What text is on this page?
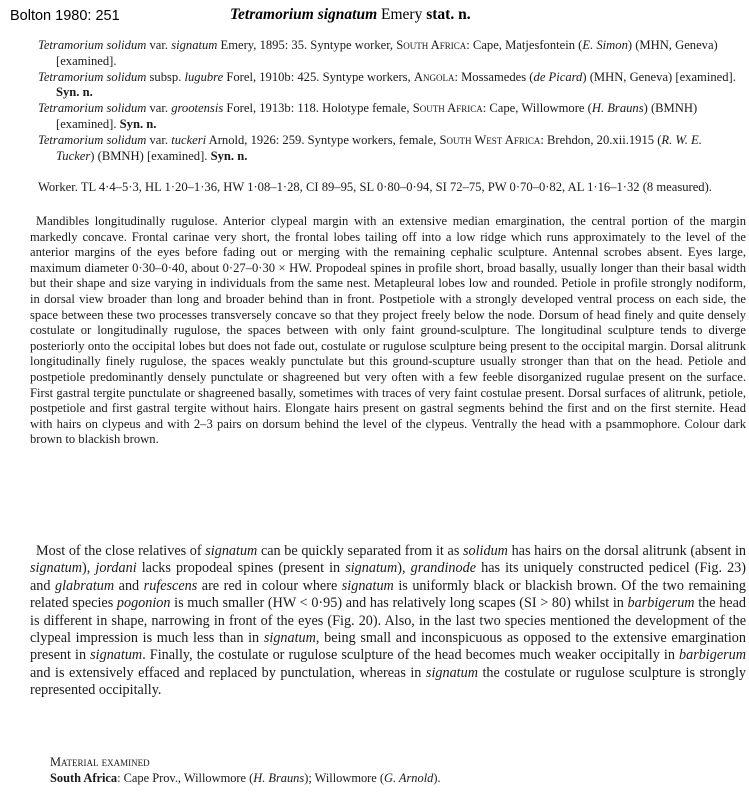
Bolton 1980: 251	Tetramorium signatum Emery stat. n.

Tetramorium solidum var. signatum Emery, 1895: 35. Syntype worker, South Africa: Cape, Matjesfontein (E. Simon) (MHN, Geneva) [examined].

Tetramorium solidum subsp. lugubre Forel, 1910b: 425. Syntype workers, Angola: Mossamedes (de Picard) (MHN, Geneva) [examined]. Syn. n.

Tetramorium solidum var. grootensis Forel, 1913b: 118. Holotype female, South Africa: Cape, Willowmore (H. Brauns) (BMNH) [examined]. Syn. n.

Tetramorium solidum var. tuckeri Arnold, 1926: 259. Syntype workers, female, South West Africa: Brehdon, 20.xii.1915 (R. W. E. Tucker) (BMNH) [examined]. Syn. n.

Worker. TL 4·4–5·3, HL 1·20–1·36, HW 1·08–1·28, CI 89–95, SL 0·80–0·94, SI 72–75, PW 0·70–0·82, AL 1·16–1·32 (8 measured).

Mandibles longitudinally rugulose. Anterior clypeal margin with an extensive median emargination, the central portion of the margin markedly concave. Frontal carinae very short, the frontal lobes tailing off into a low ridge which runs approximately to the level of the anterior margins of the eyes before fading out or merging with the remaining cephalic sculpture. Antennal scrobes absent. Eyes large, maximum diameter 0·30–0·40, about 0·27–0·30 × HW. Propodeal spines in profile short, broad basally, usually longer than their basal width but their shape and size varying in individuals from the same nest. Metapleural lobes low and rounded. Petiole in profile strongly nodiform, in dorsal view broader than long and broader behind than in front. Postpetiole with a strongly developed ventral process on each side, the space between these two processes transversely concave so that they project freely below the node. Dorsum of head finely and quite densely costulate or longitudinally rugulose, the spaces between with only faint ground-sculpture. The longitudinal sculpture tends to diverge posteriorly onto the occipital lobes but does not fade out, costulate or rugulose sculpture being present to the occipital margin. Dorsal alitrunk longitudinally finely rugulose, the spaces weakly punctulate but this ground-scupture usually stronger than that on the head. Petiole and postpetiole predominantly densely punctulate or shagreened but very often with a few feeble disorganized rugulae present on the surface. First gastral tergite punctulate or shagreened basally, sometimes with traces of very faint costulae present. Dorsal surfaces of alitrunk, petiole, postpetiole and first gastral tergite without hairs. Elongate hairs present on gastral segments behind the first and on the first sternite. Head with hairs on clypeus and with 2–3 pairs on dorsum behind the level of the clypeus. Ventrally the head with a psammophore. Colour dark brown to blackish brown.

Most of the close relatives of signatum can be quickly separated from it as solidum has hairs on the dorsal alitrunk (absent in signatum), jordani lacks propodeal spines (present in signatum), grandinode has its uniquely constructed pedicel (Fig. 23) and glabratum and rufescens are red in colour where signatum is uniformly black or blackish brown. Of the two remaining related species pogonion is much smaller (HW < 0·95) and has relatively long scapes (SI > 80) whilst in barbigerum the head is different in shape, narrowing in front of the eyes (Fig. 20). Also, in the last two species mentioned the development of the clypeal impression is much less than in signatum, being small and inconspicuous as opposed to the extensive emargination present in signatum. Finally, the costulate or rugulose sculpture of the head becomes much weaker occipitally in barbigerum and is extensively effaced and replaced by punctulation, whereas in signatum the costulate or rugulose sculpture is strongly represented occipitally.

Material examined

South Africa: Cape Prov., Willowmore (H. Brauns); Willowmore (G. Arnold).
